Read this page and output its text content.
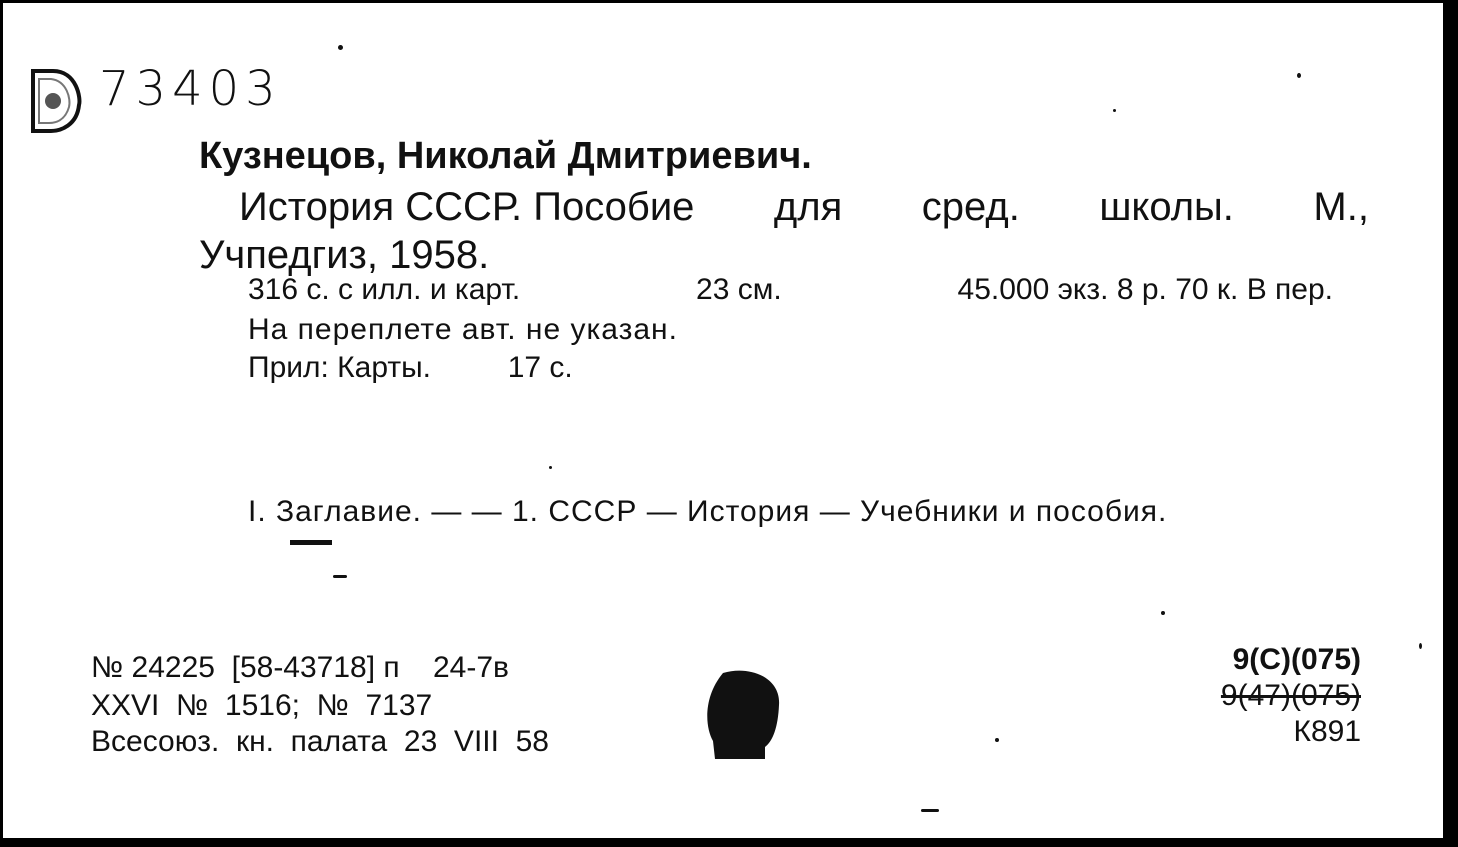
73403
Кузнецов, Николай Дмитриевич.
История СССР. Пособие для сред. школы. М.,
Учпедгиз, 1958.
316 с. с илл. и карт.	23 см.	45.000 экз. 8 р. 70 к. В пер.
На переплете авт. не указан.
Прил: Карты.	17 с.
I. Заглавие. — — 1. СССР — История — Учебники и пособия.
№ 24225  [58-43718] п    24-7в
XXVI  №  1516;  №  7137
Всесоюз.  кн.  палата  23  VIII  58
9(С)(075)
9(47)(075)
К891
